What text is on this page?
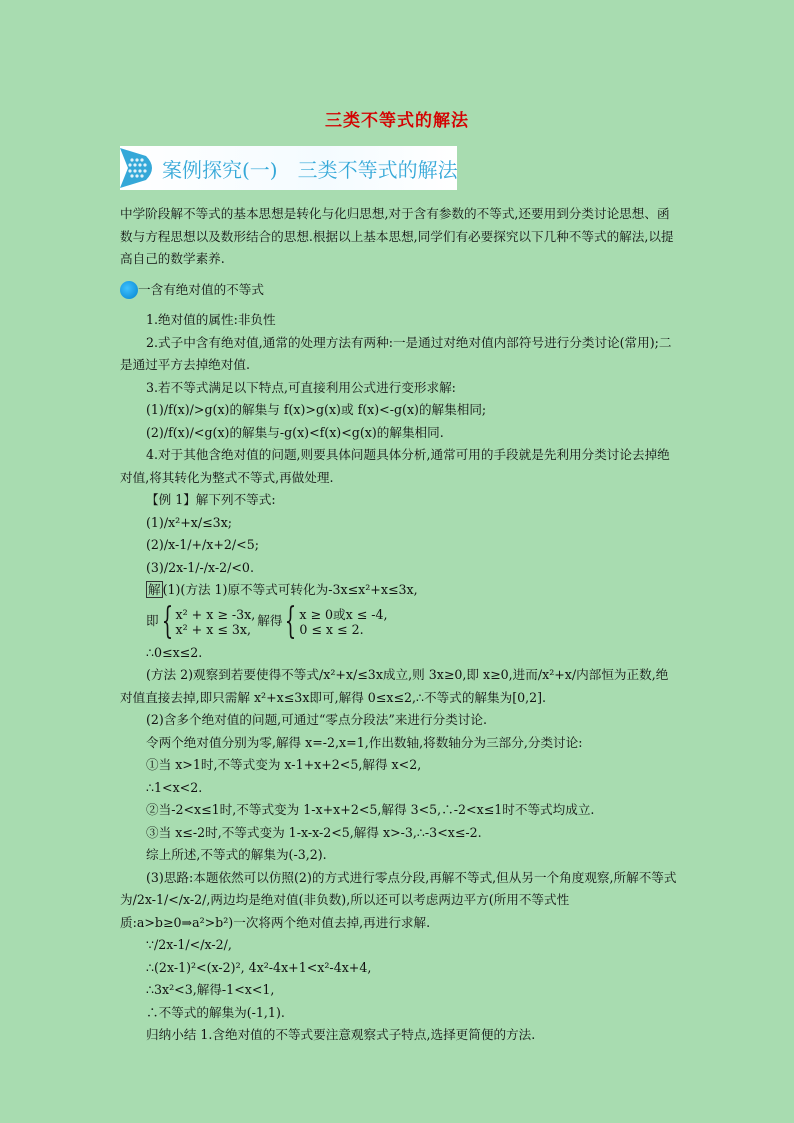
三类不等式的解法
案例探究(一)　三类不等式的解法

中学阶段解不等式的基本思想是转化与化归思想,对于含有参数的不等式,还要用到分类讨论思想、函数与方程思想以及数形结合的思想.根据以上基本思想,同学们有必要探究以下几种不等式的解法,以提高自己的数学素养.

一含有绝对值的不等式

1.绝对值的属性:非负性

2.式子中含有绝对值,通常的处理方法有两种:一是通过对绝对值内部符号进行分类讨论(常用);二是通过平方去掉绝对值.

3.若不等式满足以下特点,可直接利用公式进行变形求解:

(1)/f(x)/>g(x)的解集与 f(x)>g(x)或 f(x)<-g(x)的解集相同;

(2)/f(x)/<g(x)的解集与-g(x)<f(x)<g(x)的解集相同.

4.对于其他含绝对值的问题,则要具体问题具体分析,通常可用的手段就是先利用分类讨论去掉绝对值,将其转化为整式不等式,再做处理.

【例 1】解下列不等式:

(1)/x²+x/≤3x;

(2)/x-1/+/x+2/<5;

(3)/2x-1/-/x-2/<0.

解 (1)(方法 1)原不等式可转化为-3x≤x²+x≤3x,

即 { x² + x ≥ -3x,
x² + x ≤ 3x,
解得 { x ≥ 0或x ≤ -4,
0 ≤ x ≤ 2.

∴0≤x≤2.

(方法 2)观察到若要使得不等式/x²+x/≤3x成立,则 3x≥0,即 x≥0,进而/x²+x/内部恒为正数,绝对值直接去掉,即只需解 x²+x≤3x即可,解得 0≤x≤2,∴不等式的解集为[0,2].

(2)含多个绝对值的问题,可通过“零点分段法”来进行分类讨论.

令两个绝对值分别为零,解得 x=-2,x=1,作出数轴,将数轴分为三部分,分类讨论:

①当 x>1时,不等式变为 x-1+x+2<5,解得 x<2,

∴1<x<2.

②当-2<x≤1时,不等式变为 1-x+x+2<5,解得 3<5,∴-2<x≤1时不等式均成立.

③当 x≤-2时,不等式变为 1-x-x-2<5,解得 x>-3,∴-3<x≤-2.

综上所述,不等式的解集为(-3,2).

(3)思路:本题依然可以仿照(2)的方式进行零点分段,再解不等式,但从另一个角度观察,所解不等式为/2x-1/</x-2/,两边均是绝对值(非负数),所以还可以考虑两边平方(所用不等式性质:a>b≥0⇒a²>b²)一次将两个绝对值去掉,再进行求解.

∵/2x-1/</x-2/,

∴(2x-1)²<(x-2)², 4x²-4x+1<x²-4x+4,

∴3x²<3,解得-1<x<1,

∴不等式的解集为(-1,1).

归纳小结 1.含绝对值的不等式要注意观察式子特点,选择更简便的方法.
